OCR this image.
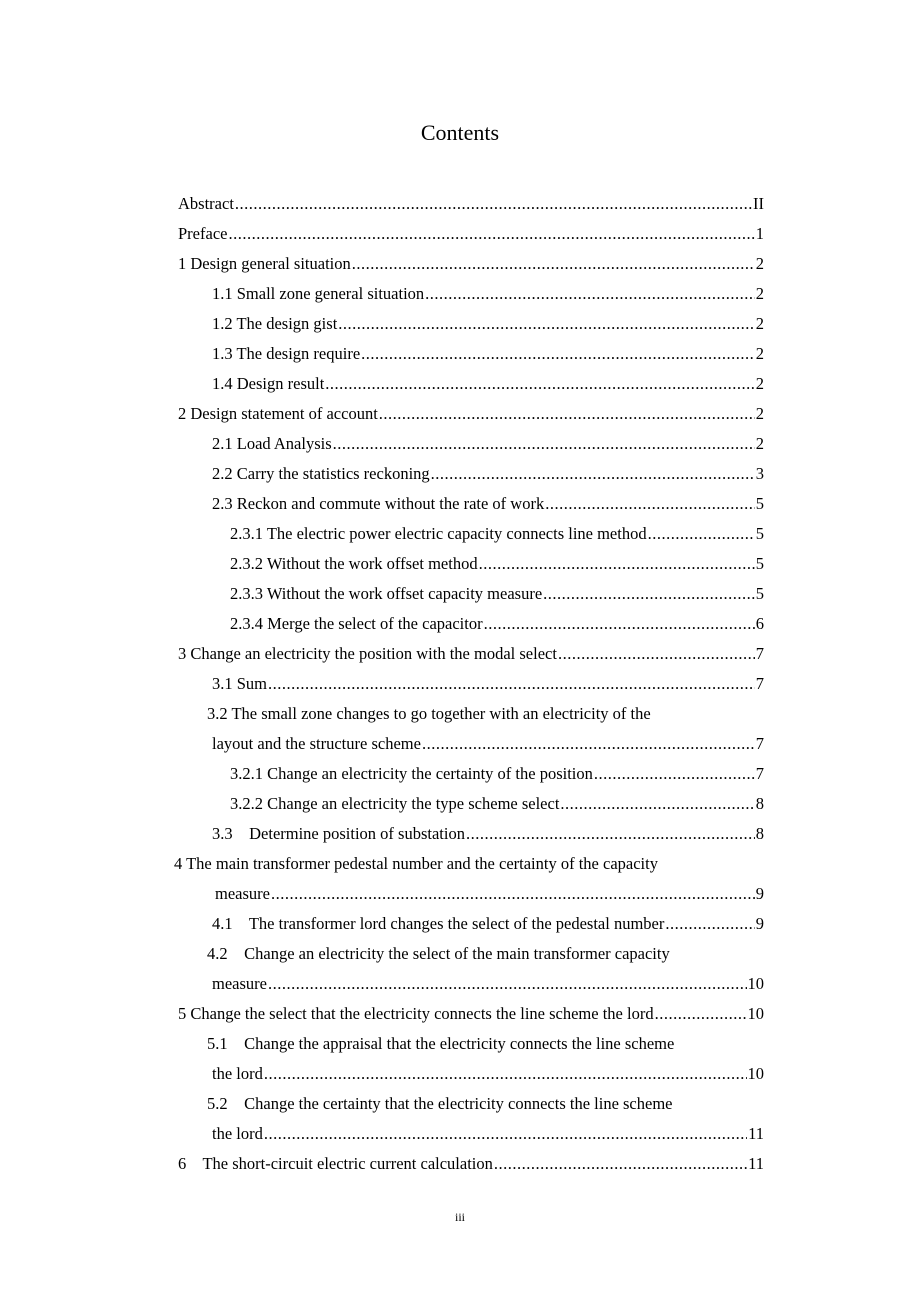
Contents
Abstract .....	II
Preface .....	1
1 Design general situation .....	2
1.1 Small zone general situation .....	2
1.2 The design gist .....	2
1.3 The design require .....	2
1.4 Design result .....	2
2 Design statement of account .....	2
2.1 Load Analysis .....	2
2.2 Carry the statistics reckoning .....	3
2.3 Reckon and commute without the rate of work .....	5
2.3.1 The electric power electric capacity connects line method .....	5
2.3.2 Without the work offset method .....	5
2.3.3 Without the work offset capacity measure .....	5
2.3.4 Merge the select of the capacitor .....	6
3 Change an electricity the position with the modal select .....	7
3.1 Sum .....	7
3.2 The small zone changes to go together with an electricity of the
layout and the structure scheme .....	7
3.2.1 Change an electricity the certainty of the position .....	7
3.2.2 Change an electricity the type scheme select .....	8
3.3    Determine position of substation .....	8
4 The main transformer pedestal number and the certainty of the capacity
measure .....	9
4.1    The transformer lord changes the select of the pedestal number .....	9
4.2    Change an electricity the select of the main transformer capacity
measure .....	10
5 Change the select that the electricity connects the line scheme the lord .....	10
5.1    Change the appraisal that the electricity connects the line scheme
the lord .....	10
5.2    Change the certainty that the electricity connects the line scheme
the lord .....	11
6    The short-circuit electric current calculation .....	11
iii
